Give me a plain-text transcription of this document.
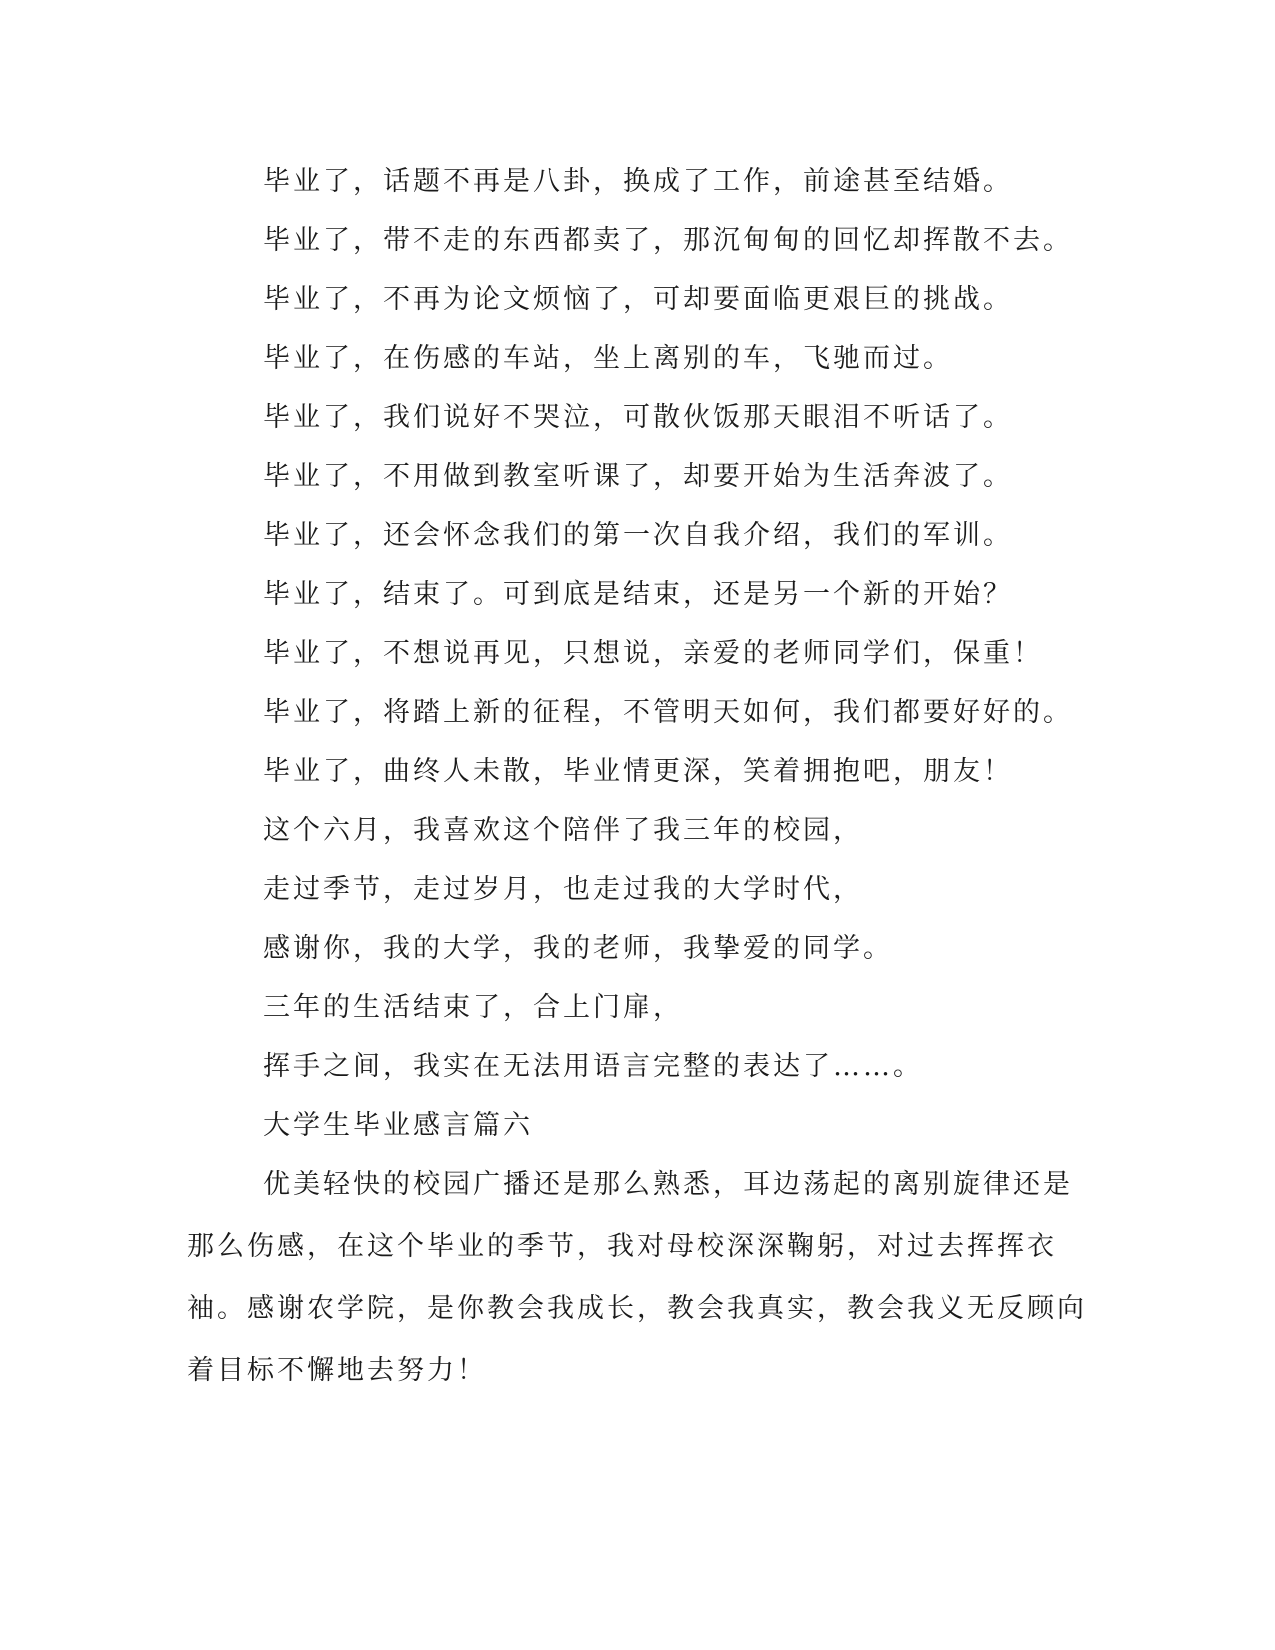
毕业了，话题不再是八卦，换成了工作，前途甚至结婚。
毕业了，带不走的东西都卖了，那沉甸甸的回忆却挥散不去。
毕业了，不再为论文烦恼了，可却要面临更艰巨的挑战。
毕业了，在伤感的车站，坐上离别的车，飞驰而过。
毕业了，我们说好不哭泣，可散伙饭那天眼泪不听话了。
毕业了，不用做到教室听课了，却要开始为生活奔波了。
毕业了，还会怀念我们的第一次自我介绍，我们的军训。
毕业了，结束了。可到底是结束，还是另一个新的开始？
毕业了，不想说再见，只想说，亲爱的老师同学们，保重！
毕业了，将踏上新的征程，不管明天如何，我们都要好好的。
毕业了，曲终人未散，毕业情更深，笑着拥抱吧，朋友！
这个六月，我喜欢这个陪伴了我三年的校园，
走过季节，走过岁月，也走过我的大学时代，
感谢你，我的大学，我的老师，我挚爱的同学。
三年的生活结束了，合上门扉，
挥手之间，我实在无法用语言完整的表达了……。
大学生毕业感言篇六
优美轻快的校园广播还是那么熟悉，耳边荡起的离别旋律还是那么伤感，在这个毕业的季节，我对母校深深鞠躬，对过去挥挥衣袖。感谢农学院，是你教会我成长，教会我真实，教会我义无反顾向着目标不懈地去努力！
